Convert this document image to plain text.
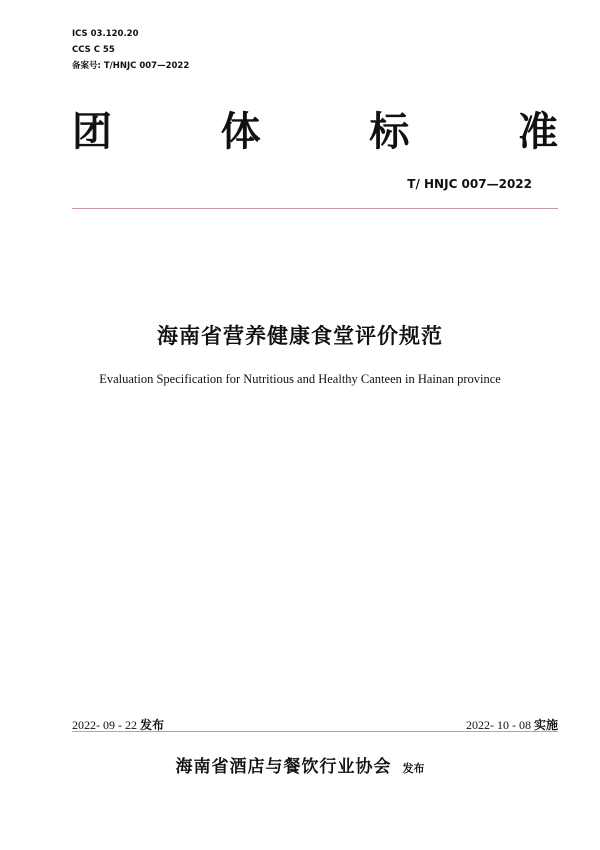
ICS 03.120.20
CCS C 55
备案号: T/HNJC 007—2022
团	体	标	准
T/ HNJC 007—2022
海南省营养健康食堂评价规范
Evaluation Specification for Nutritious and Healthy Canteen in Hainan province
2022- 09 - 22 发布	2022- 10 - 08 实施
海南省酒店与餐饮行业协会 发布
